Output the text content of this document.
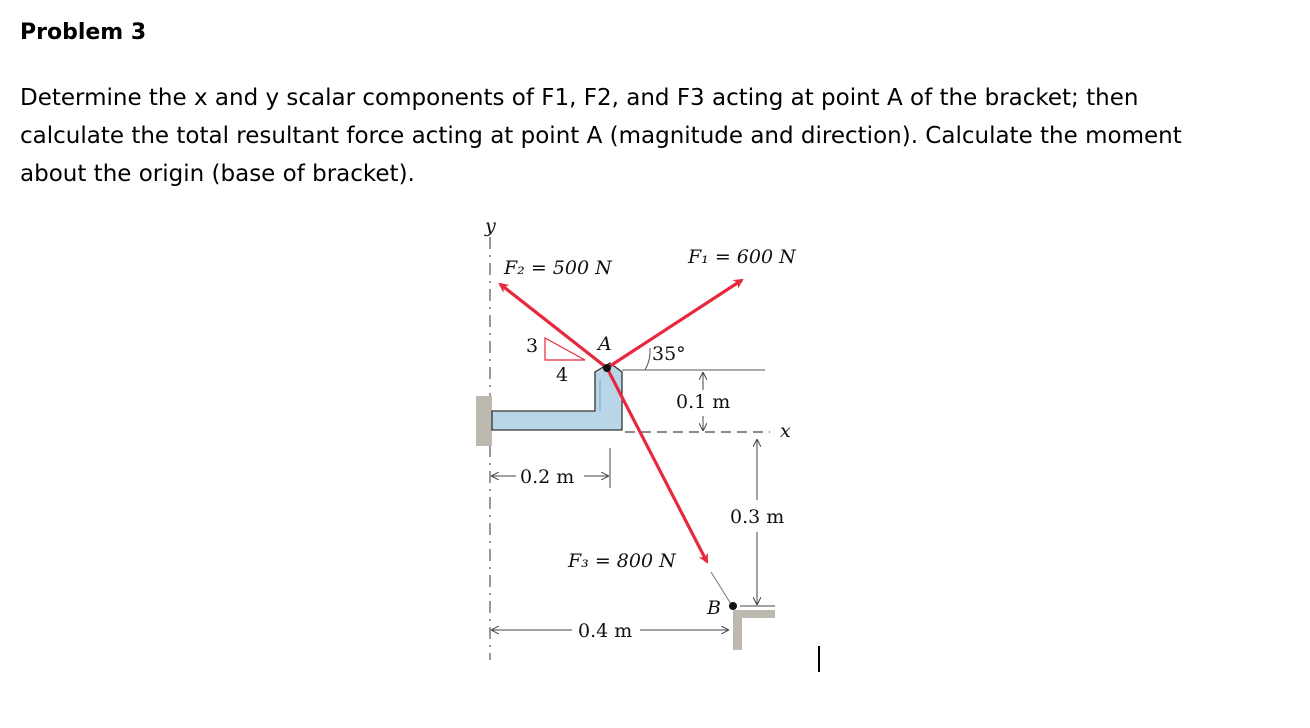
Problem 3
Determine the x and y scalar components of F1, F2, and F3 acting at point A of the bracket; then
calculate the total resultant force acting at point A (magnitude and direction). Calculate the moment
about the origin (base of bracket).
y
x
3
4
F₂ = 500 N	F₁ = 600 N
F₃ = 800 N
A 35°
0.1 m
0.3 m
0.2 m
0.4 m
B
